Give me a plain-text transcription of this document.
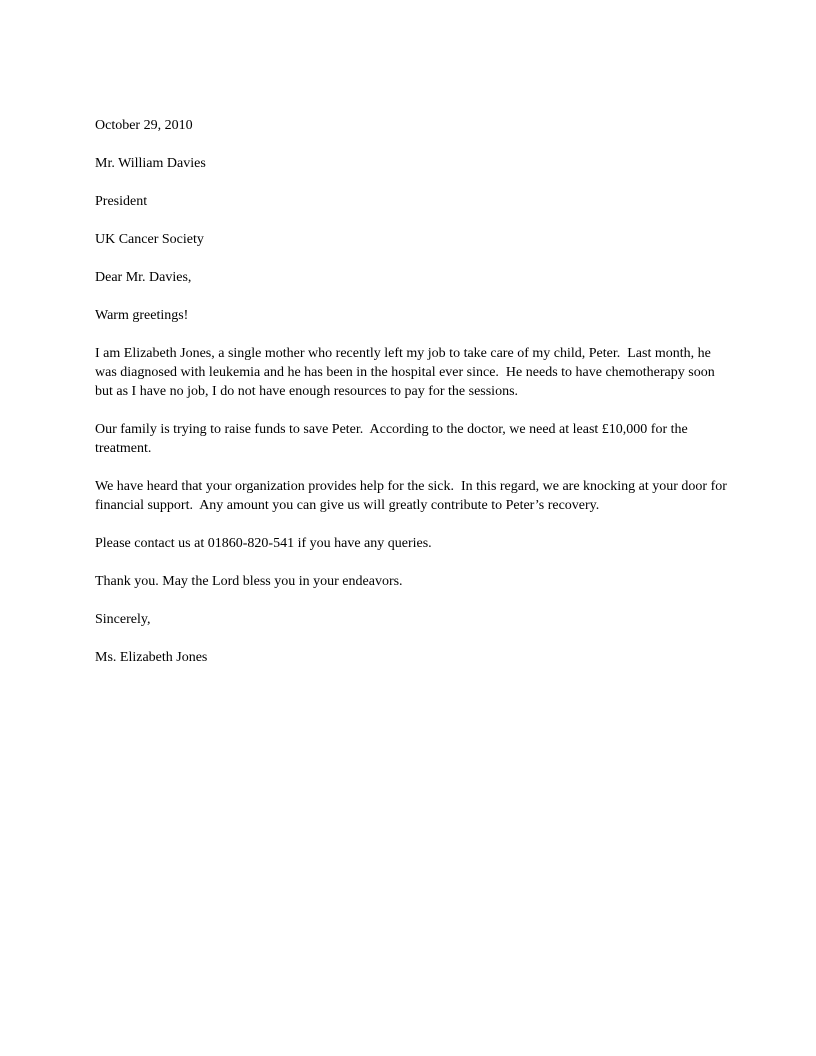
October 29, 2010

Mr. William Davies

President

UK Cancer Society

Dear Mr. Davies,

Warm greetings!

I am Elizabeth Jones, a single mother who recently left my job to take care of my child, Peter.  Last month, he was diagnosed with leukemia and he has been in the hospital ever since.  He needs to have chemotherapy soon but as I have no job, I do not have enough resources to pay for the sessions.

Our family is trying to raise funds to save Peter.  According to the doctor, we need at least £10,000 for the treatment.

We have heard that your organization provides help for the sick.  In this regard, we are knocking at your door for financial support.  Any amount you can give us will greatly contribute to Peter’s recovery.

Please contact us at 01860-820-541 if you have any queries.

Thank you. May the Lord bless you in your endeavors.

Sincerely,

Ms. Elizabeth Jones
